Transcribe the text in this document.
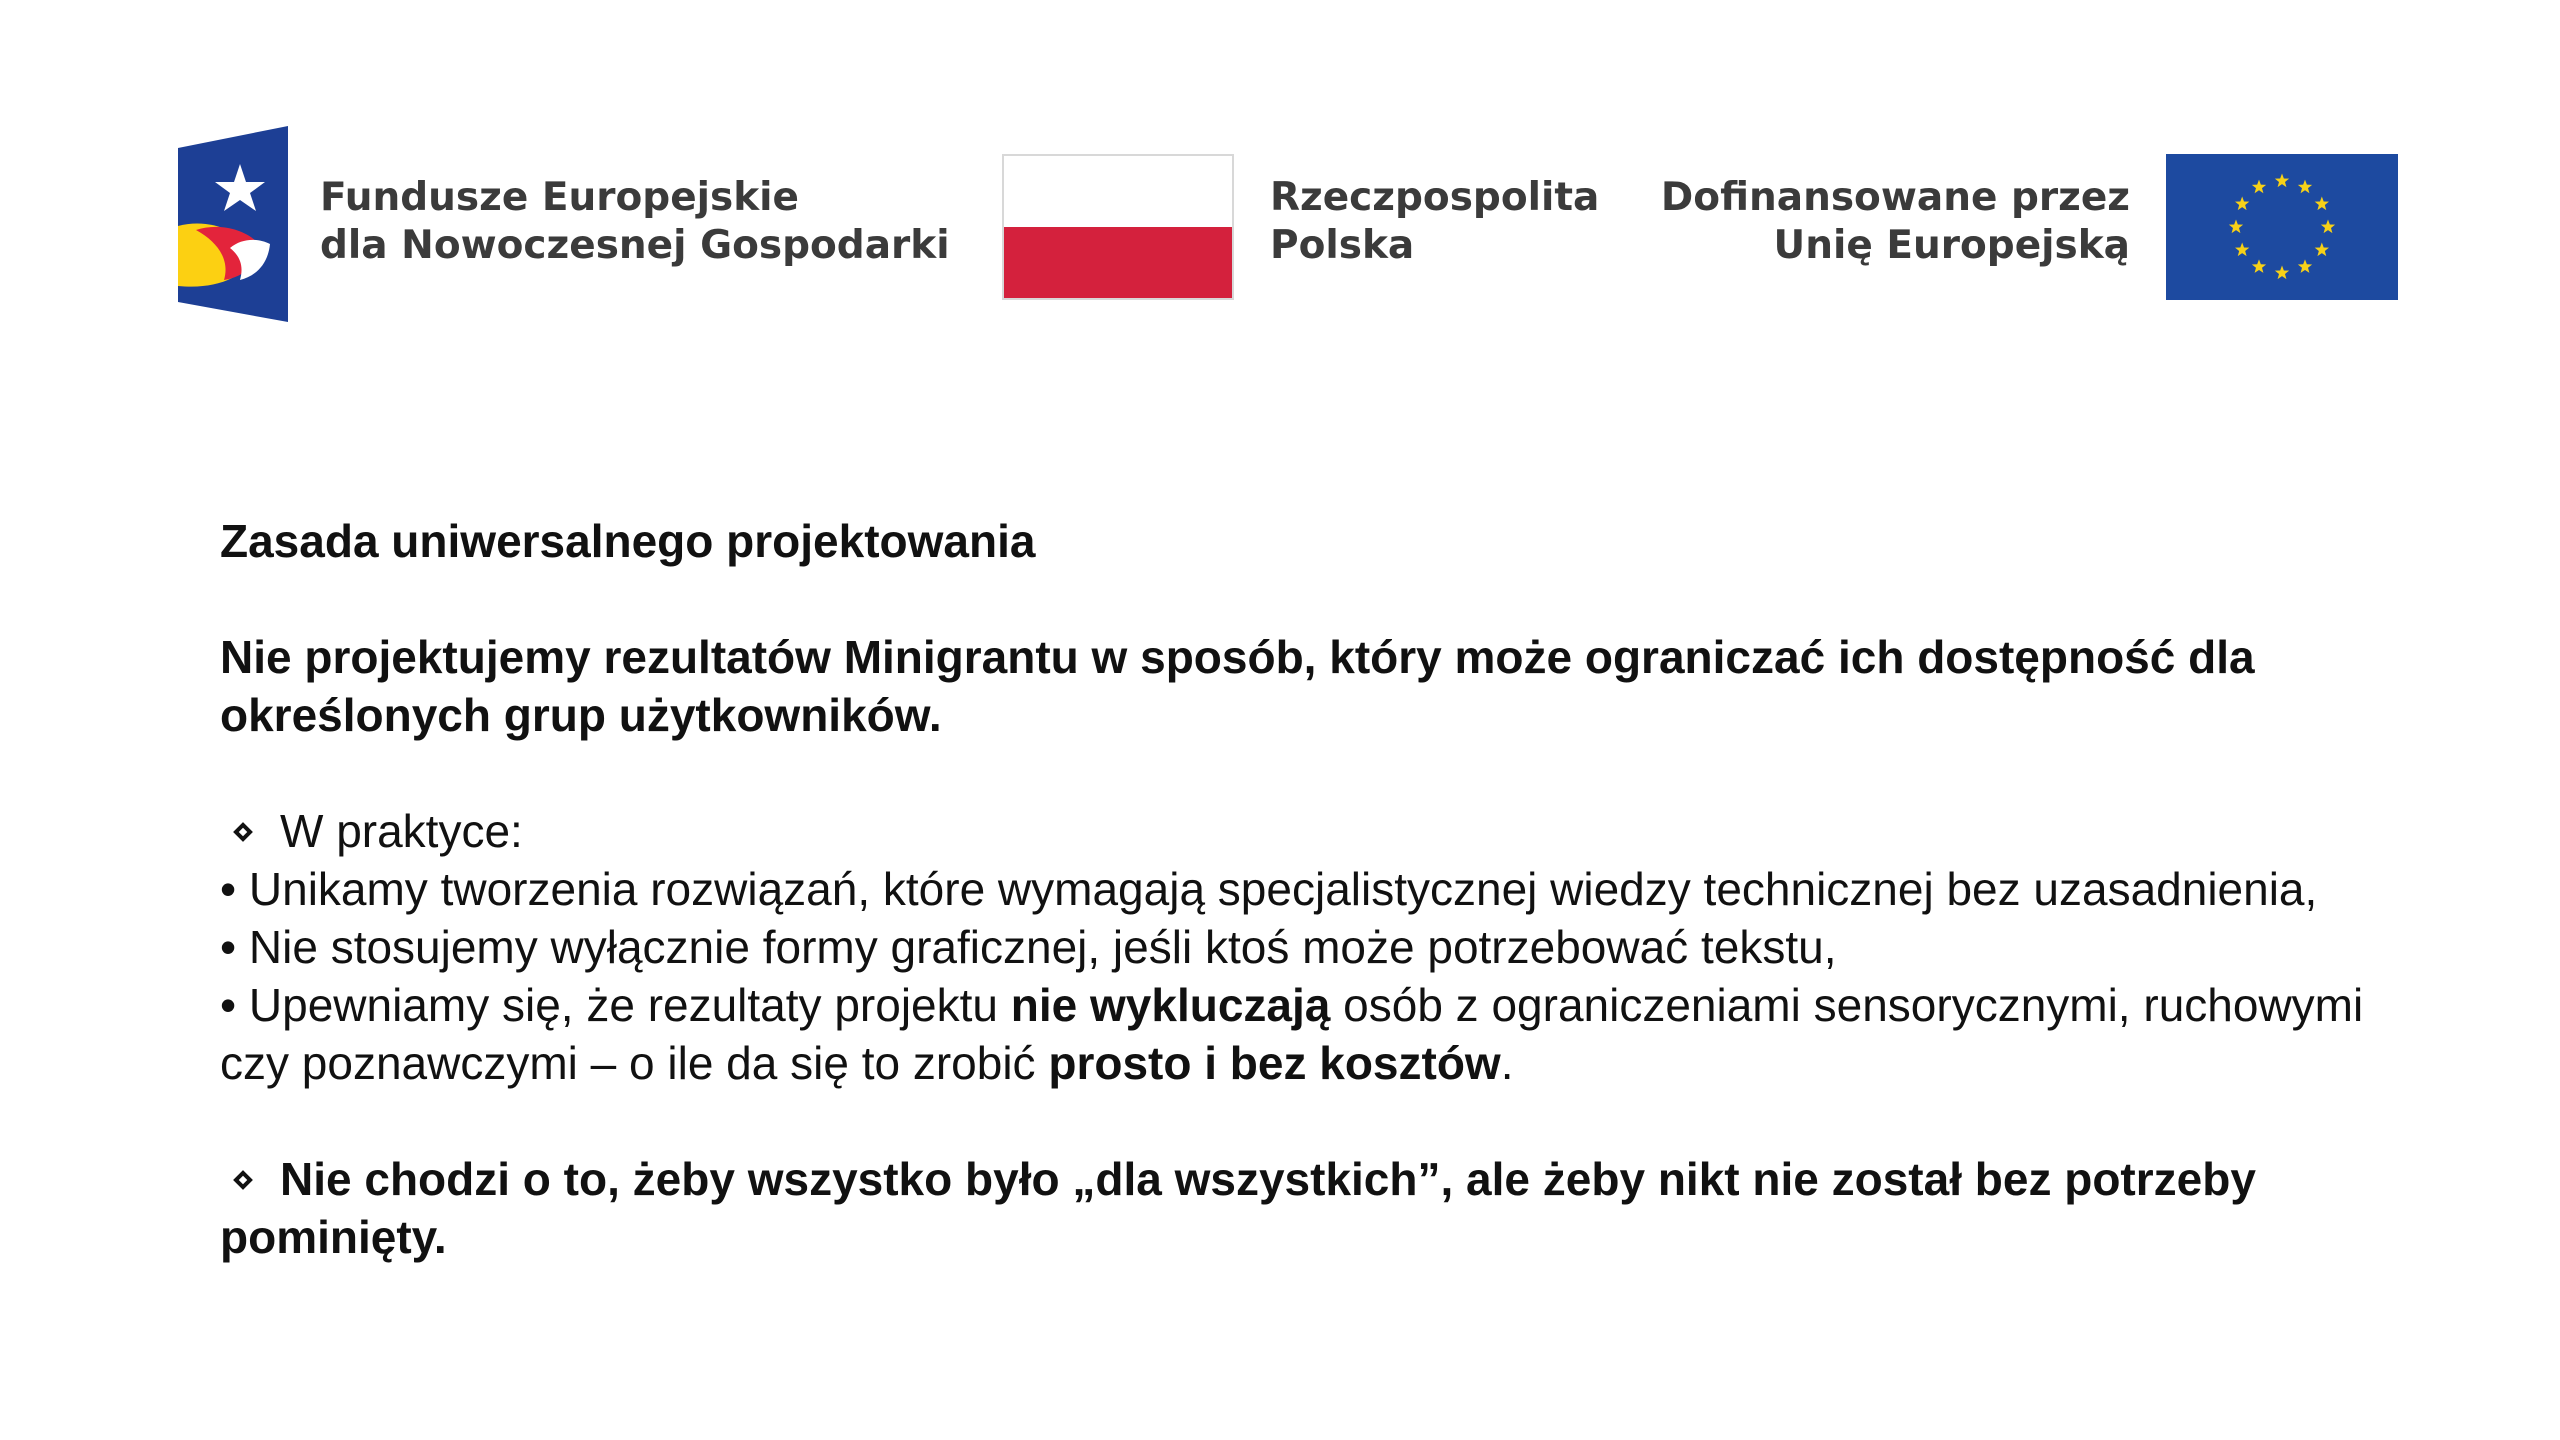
Fundusze Europejskie
dla Nowoczesnej Gospodarki
Rzeczpospolita
Polska
Dofinansowane przez
Unię Europejską

Zasada uniwersalnego projektowania

Nie projektujemy rezultatów Minigrantu w sposób, który może ograniczać ich dostępność dla określonych grup użytkowników.

W praktyce:
• Unikamy tworzenia rozwiązań, które wymagają specjalistycznej wiedzy technicznej bez uzasadnienia,
• Nie stosujemy wyłącznie formy graficznej, jeśli ktoś może potrzebować tekstu,
• Upewniamy się, że rezultaty projektu nie wykluczają osób z ograniczeniami sensorycznymi, ruchowymi czy poznawczymi – o ile da się to zrobić prosto i bez kosztów.

Nie chodzi o to, żeby wszystko było „dla wszystkich”, ale żeby nikt nie został bez potrzeby pominięty.
